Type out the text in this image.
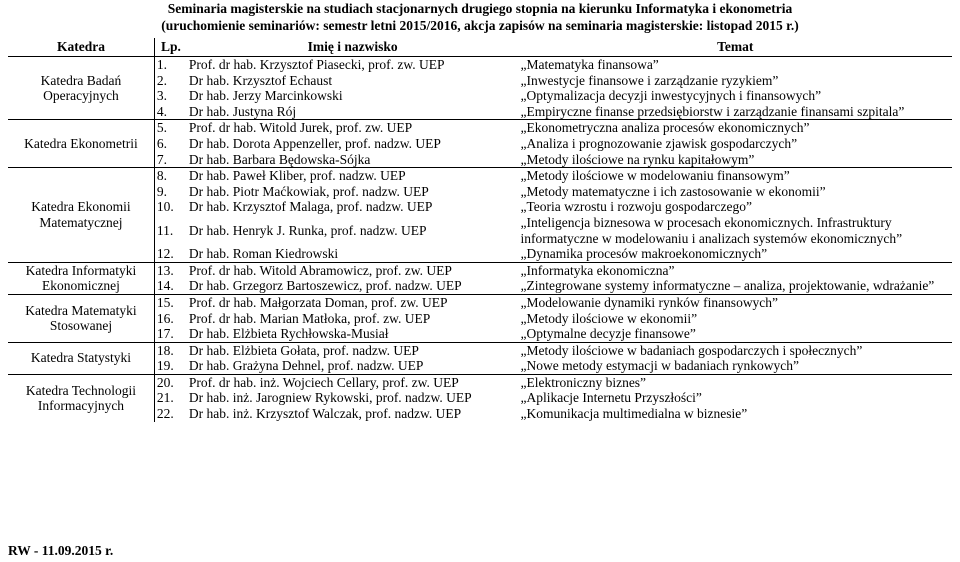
Seminaria magisterskie na studiach stacjonarnych drugiego stopnia na kierunku Informatyka i ekonometria
(uruchomienie seminariów: semestr letni 2015/2016, akcja zapisów na seminaria magisterskie: listopad 2015 r.)
Katedra	Lp.	Imię i nazwisko	Temat
Katedra Badań Operacyjnych	1.	Prof. dr hab. Krzysztof Piasecki, prof. zw. UEP	„Matematyka finansowa”
	2.	Dr hab. Krzysztof Echaust	„Inwestycje finansowe i zarządzanie ryzykiem”
	3.	Dr hab. Jerzy Marcinkowski	„Optymalizacja decyzji inwestycyjnych i finansowych”
	4.	Dr hab. Justyna Rój	„Empiryczne finanse przedsiębiorstw i zarządzanie finansami szpitala”
Katedra Ekonometrii	5.	Prof. dr hab. Witold Jurek, prof. zw. UEP	„Ekonometryczna analiza procesów ekonomicznych”
	6.	Dr hab. Dorota Appenzeller, prof. nadzw. UEP	„Analiza i prognozowanie zjawisk gospodarczych”
	7.	Dr hab. Barbara Będowska-Sójka	„Metody ilościowe na rynku kapitałowym”
Katedra Ekonomii Matematycznej	8.	Dr hab. Paweł Kliber, prof. nadzw. UEP	„Metody ilościowe w modelowaniu finansowym”
	9.	Dr hab. Piotr Maćkowiak, prof. nadzw. UEP	„Metody matematyczne i ich zastosowanie w ekonomii”
	10.	Dr hab. Krzysztof Malaga, prof. nadzw. UEP	„Teoria wzrostu i rozwoju gospodarczego”
	11.	Dr hab. Henryk J. Runka, prof. nadzw. UEP	„Inteligencja biznesowa w procesach ekonomicznych. Infrastruktury informatyczne w modelowaniu i analizach systemów ekonomicznych”
	12.	Dr hab. Roman Kiedrowski	„Dynamika procesów makroekonomicznych”
Katedra Informatyki Ekonomicznej	13.	Prof. dr hab. Witold Abramowicz, prof. zw. UEP	„Informatyka ekonomiczna”
	14.	Dr hab. Grzegorz Bartoszewicz, prof. nadzw. UEP	„Zintegrowane systemy informatyczne – analiza, projektowanie, wdrażanie”
Katedra Matematyki Stosowanej	15.	Prof. dr hab. Małgorzata Doman, prof. zw. UEP	„Modelowanie dynamiki rynków finansowych”
	16.	Prof. dr hab. Marian Matłoka, prof. zw. UEP	„Metody ilościowe w ekonomii”
	17.	Dr hab. Elżbieta Rychłowska-Musiał	„Optymalne decyzje finansowe”
Katedra Statystyki	18.	Dr hab. Elżbieta Gołata, prof. nadzw. UEP	„Metody ilościowe w badaniach gospodarczych i społecznych”
	19.	Dr hab. Grażyna Dehnel, prof. nadzw. UEP	„Nowe metody estymacji w badaniach rynkowych”
Katedra Technologii Informacyjnych	20.	Prof. dr hab. inż. Wojciech Cellary, prof. zw. UEP	„Elektroniczny biznes”
	21.	Dr hab. inż. Jarogniew Rykowski, prof. nadzw. UEP	„Aplikacje Internetu Przyszłości”
	22.	Dr hab. inż. Krzysztof Walczak, prof. nadzw. UEP	„Komunikacja multimedialna w biznesie”
RW - 11.09.2015 r.
